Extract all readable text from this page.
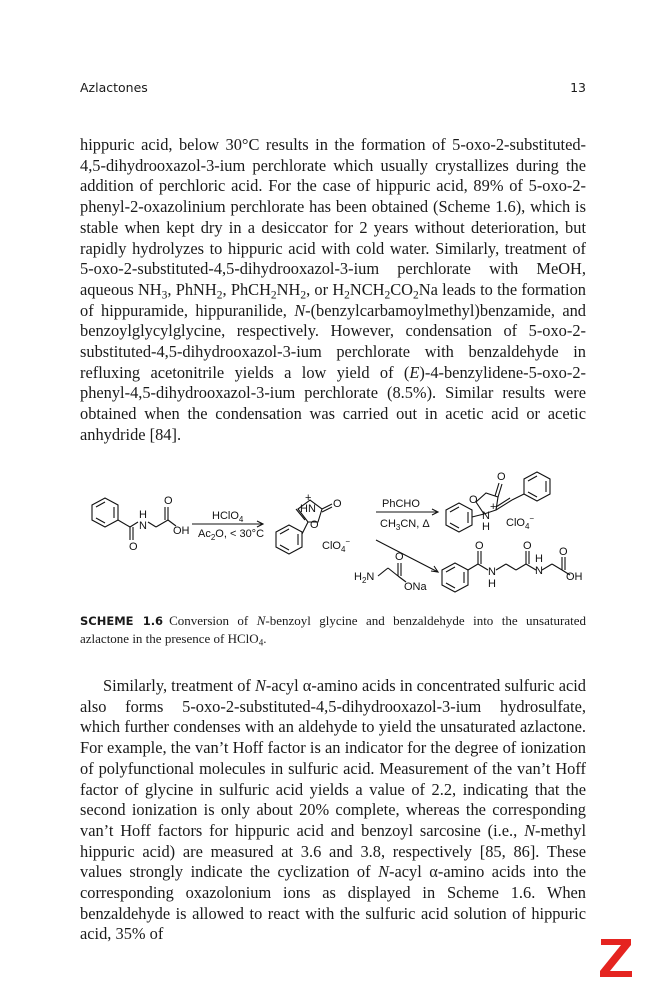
Azlactones	13

hippuric acid, below 30°C results in the formation of 5-oxo-2-substituted-4,5-dihydrooxazol-3-ium perchlorate which usually crystallizes during the addition of perchloric acid. For the case of hippuric acid, 89% of 5-oxo-2-phenyl-2-oxazolinium perchlorate has been obtained (Scheme 1.6), which is stable when kept dry in a desiccator for 2 years without deterioration, but rapidly hydrolyzes to hippuric acid with cold water. Similarly, treatment of 5-oxo-2-substituted-4,5-dihydrooxazol-3-ium perchlorate with MeOH, aqueous $NH_3$, PhNH$_2$, $PhCH_2NH_2$, or $H_2NCH_2CO_2Na$ leads to the formation of hippuramide, hippuranilide, N-(benzylcarbamoylmethyl)benzamide, and benzoylglycylglycine, respectively. However, condensation of 5-oxo-2-substituted-4,5-dihydrooxazol-3-ium perchlorate with benzaldehyde in refluxing acetonitrile yields a low yield of (E)-4-benzylidene-5-oxo-2-phenyl-4,5-dihydrooxazol-3-ium perchlorate (8.5%). Similar results were obtained when the condensation was carried out in acetic acid or acetic anhydride [84].

O
H
N
O
OH
HClO$_4$
$Ac_2O$, < 30°C
HN
+
O
O
ClO$_4$−
PhCHO
$CH_3CN$, Δ
O
O
N
+
H ClO$_4$−
$H_2N$
O
ONa
O
N
H
O
H
N
O
OH
SCHEME 1.6 Conversion of N-benzoyl glycine and benzaldehyde into the unsaturated azlactone in the presence of HClO$_4$.

Similarly, treatment of N-acyl α-amino acids in concentrated sulfuric acid also forms 5-oxo-2-substituted-4,5-dihydrooxazol-3-ium hydrosulfate, which further condenses with an aldehyde to yield the unsaturated azlactone. For example, the van’t Hoff factor is an indicator for the degree of ionization of polyfunctional molecules in sulfuric acid. Measurement of the van’t Hoff factor of glycine in sulfuric acid yields a value of 2.2, indicating that the second ionization is only about 20% complete, whereas the corresponding van’t Hoff factors for hippuric acid and benzoyl sarcosine (i.e., N-methyl hippuric acid) are measured at 3.6 and 3.8, respectively [85, 86]. These values strongly indicate the cyclization of N-acyl α-amino acids into the corresponding oxazolonium ions as displayed in Scheme 1.6. When benzaldehyde is allowed to react with the sulfuric acid solution of hippuric acid, 35% of
